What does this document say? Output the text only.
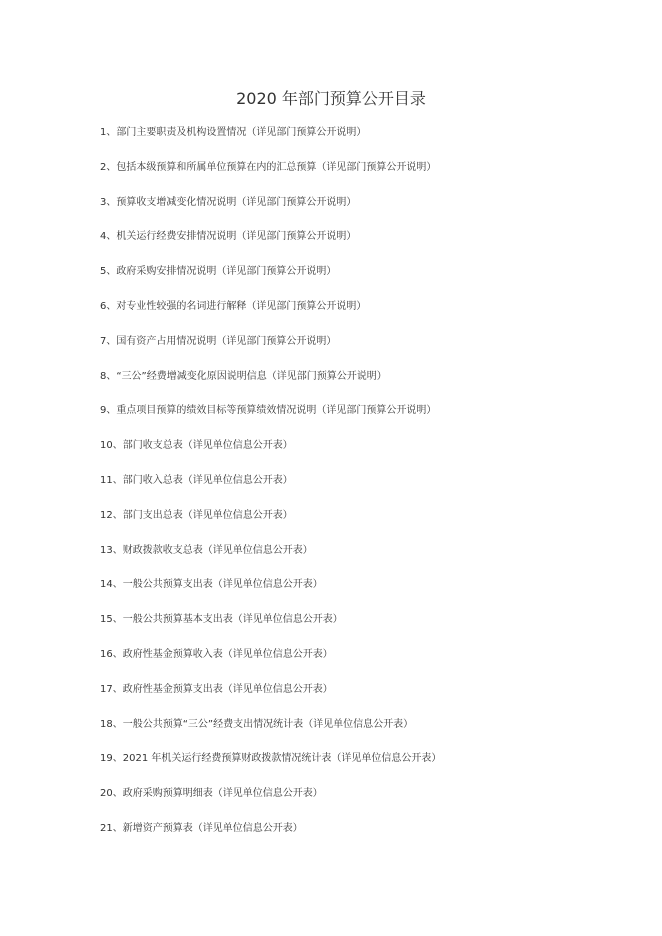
2020 年部门预算公开目录
1、 部门主要职责及机构设置情况（详见部门预算公开说明）
2、 包括本级预算和所属单位预算在内的汇总预算（详见部门预算公开说明）
3、 预算收支增减变化情况说明（详见部门预算公开说明）
4、 机关运行经费安排情况说明（详见部门预算公开说明）
5、 政府采购安排情况说明（详见部门预算公开说明）
6、 对专业性较强的名词进行解释（详见部门预算公开说明）
7、 国有资产占用情况说明（详见部门预算公开说明）
8、 “三公”经费增减变化原因说明信息（详见部门预算公开说明）
9、 重点项目预算的绩效目标等预算绩效情况说明（详见部门预算公开说明）
10、 部门收支总表（详见单位信息公开表）
11、 部门收入总表（详见单位信息公开表）
12、 部门支出总表（详见单位信息公开表）
13、 财政拨款收支总表（详见单位信息公开表）
14、 一般公共预算支出表（详见单位信息公开表）
15、 一般公共预算基本支出表（详见单位信息公开表）
16、 政府性基金预算收入表（详见单位信息公开表）
17、 政府性基金预算支出表（详见单位信息公开表）
18、 一般公共预算“三公”经费支出情况统计表（详见单位信息公开表）
19、 2021 年机关运行经费预算财政拨款情况统计表（详见单位信息公开表）
20、 政府采购预算明细表（详见单位信息公开表）
21、 新增资产预算表（详见单位信息公开表）
